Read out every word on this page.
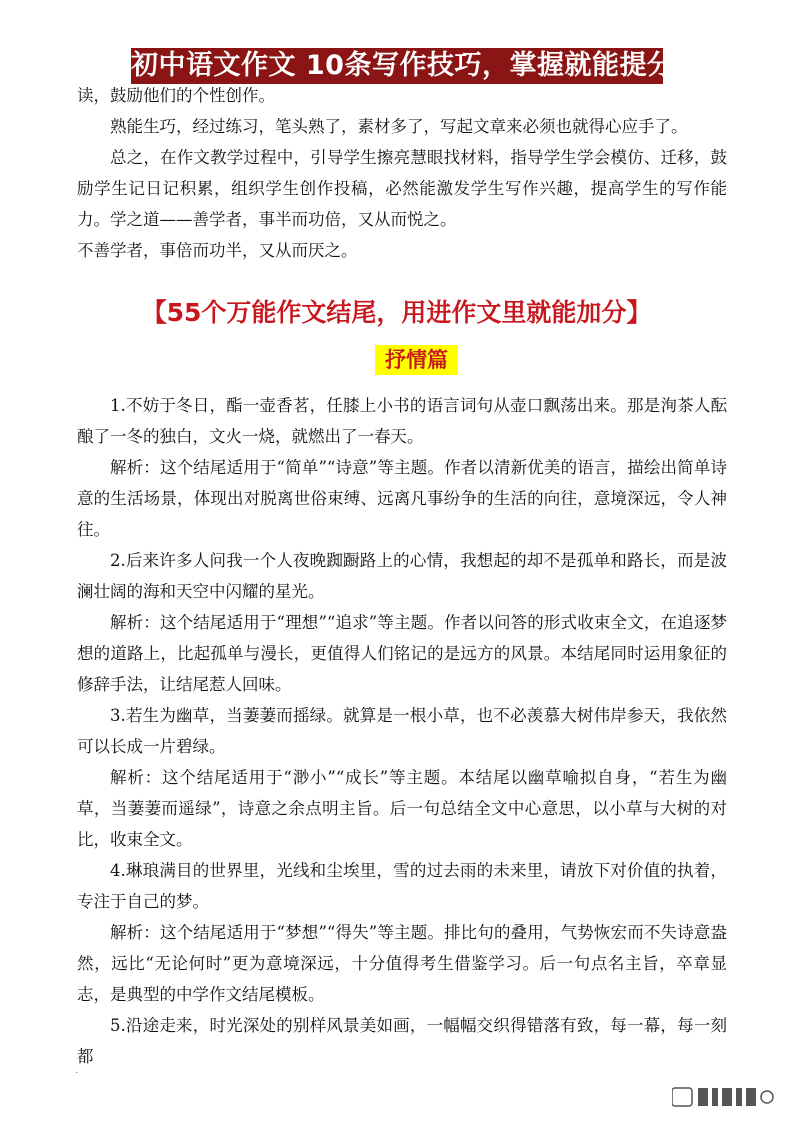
初中语文作文 10条写作技巧，掌握就能提分
读，鼓励他们的个性创作。
熟能生巧，经过练习，笔头熟了，素材多了，写起文章来必须也就得心应手了。
总之，在作文教学过程中，引导学生擦亮慧眼找材料，指导学生学会模仿、迁移，鼓励学生记日记积累，组织学生创作投稿，必然能激发学生写作兴趣，提高学生的写作能力。 学之道——善学者，事半而功倍，又从而悦之。
不善学者，事倍而功半，又从而厌之。
【55个万能作文结尾，用进作文里就能加分】
抒情篇
1.不妨于冬日，酯一壶香茗，任膝上小书的语言词句从壶口飘荡出来。那是洵茶人酝酿了一冬的独白，文火一烧，就燃出了一春天。
解析：这个结尾适用于“简单”“诗意”等主题。作者以清新优美的语言，描绘出简单诗意的生活场景，体现出对脱离世俗束缚、远离凡事纷争的生活的向往，意境深远，令人神往。
2.后来许多人问我一个人夜晚踟蹰路上的心情，我想起的却不是孤单和路长，而是波澜壮阔的海和天空中闪耀的星光。
解析：这个结尾适用于“理想”“追求”等主题。作者以问答的形式收束全文，在追逐梦想的道路上，比起孤单与漫长，更值得人们铭记的是远方的风景。本结尾同时运用象征的修辞手法，让结尾惹人回味。
3.若生为幽草，当萋萋而摇绿。就算是一根小草，也不必羡慕大树伟岸参天，我依然可以长成一片碧绿。
解析：这个结尾适用于“渺小”“成长”等主题。本结尾以幽草喻拟自身，“若生为幽草，当萋萋而遥绿”，诗意之余点明主旨。后一句总结全文中心意思，以小草与大树的对比，收束全文。
4.琳琅满目的世界里，光线和尘埃里，雪的过去雨的未来里，请放下对价值的执着，专注于自己的梦。
解析：这个结尾适用于“梦想”“得失”等主题。排比句的叠用，气势恢宏而不失诗意盎然，远比“无论何时”更为意境深远，十分值得考生借鉴学习。后一句点名主旨，卒章显志，是典型的中学作文结尾模板。
5.沿途走来，时光深处的别样风景美如画，一幅幅交织得错落有致，每一幕，每一刻都
·
